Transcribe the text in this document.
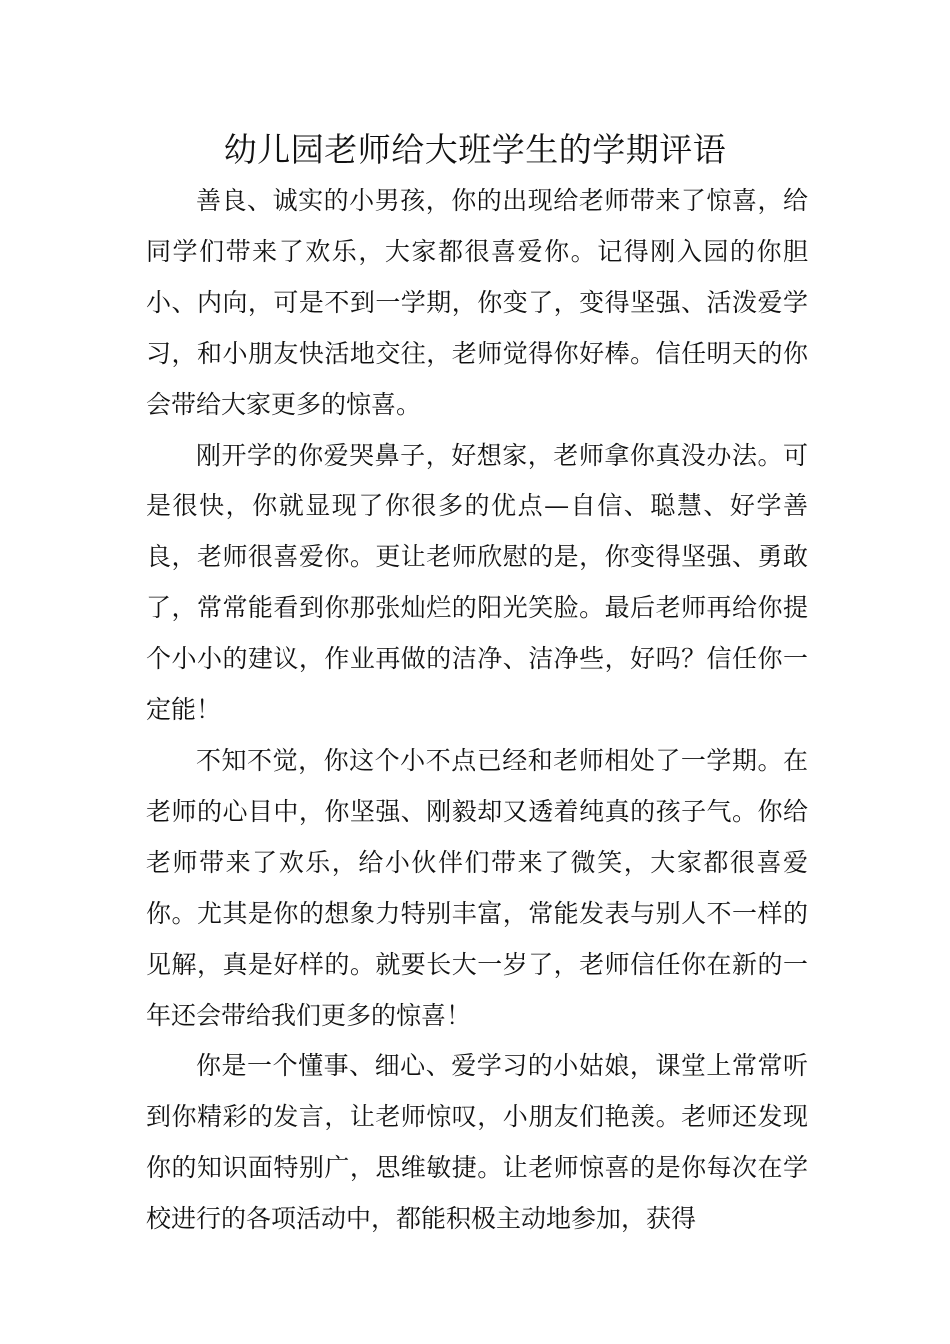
幼儿园老师给大班学生的学期评语

善良、诚实的小男孩，你的出现给老师带来了惊喜，给同学们带来了欢乐，大家都很喜爱你。记得刚入园的你胆小、内向，可是不到一学期，你变了，变得坚强、活泼爱学习，和小朋友快活地交往，老师觉得你好棒。信任明天的你会带给大家更多的惊喜。

刚开学的你爱哭鼻子，好想家，老师拿你真没办法。可是很快，你就显现了你很多的优点—自信、聪慧、好学善良，老师很喜爱你。更让老师欣慰的是，你变得坚强、勇敢了，常常能看到你那张灿烂的阳光笑脸。最后老师再给你提个小小的建议，作业再做的洁净、洁净些，好吗？信任你一定能！

不知不觉，你这个小不点已经和老师相处了一学期。在老师的心目中，你坚强、刚毅却又透着纯真的孩子气。你给老师带来了欢乐，给小伙伴们带来了微笑，大家都很喜爱你。尤其是你的想象力特别丰富，常能发表与别人不一样的见解，真是好样的。就要长大一岁了，老师信任你在新的一年还会带给我们更多的惊喜！

你是一个懂事、细心、爱学习的小姑娘，课堂上常常听到你精彩的发言，让老师惊叹，小朋友们艳羡。老师还发现你的知识面特别广，思维敏捷。让老师惊喜的是你每次在学校进行的各项活动中，都能积极主动地参加，获得
